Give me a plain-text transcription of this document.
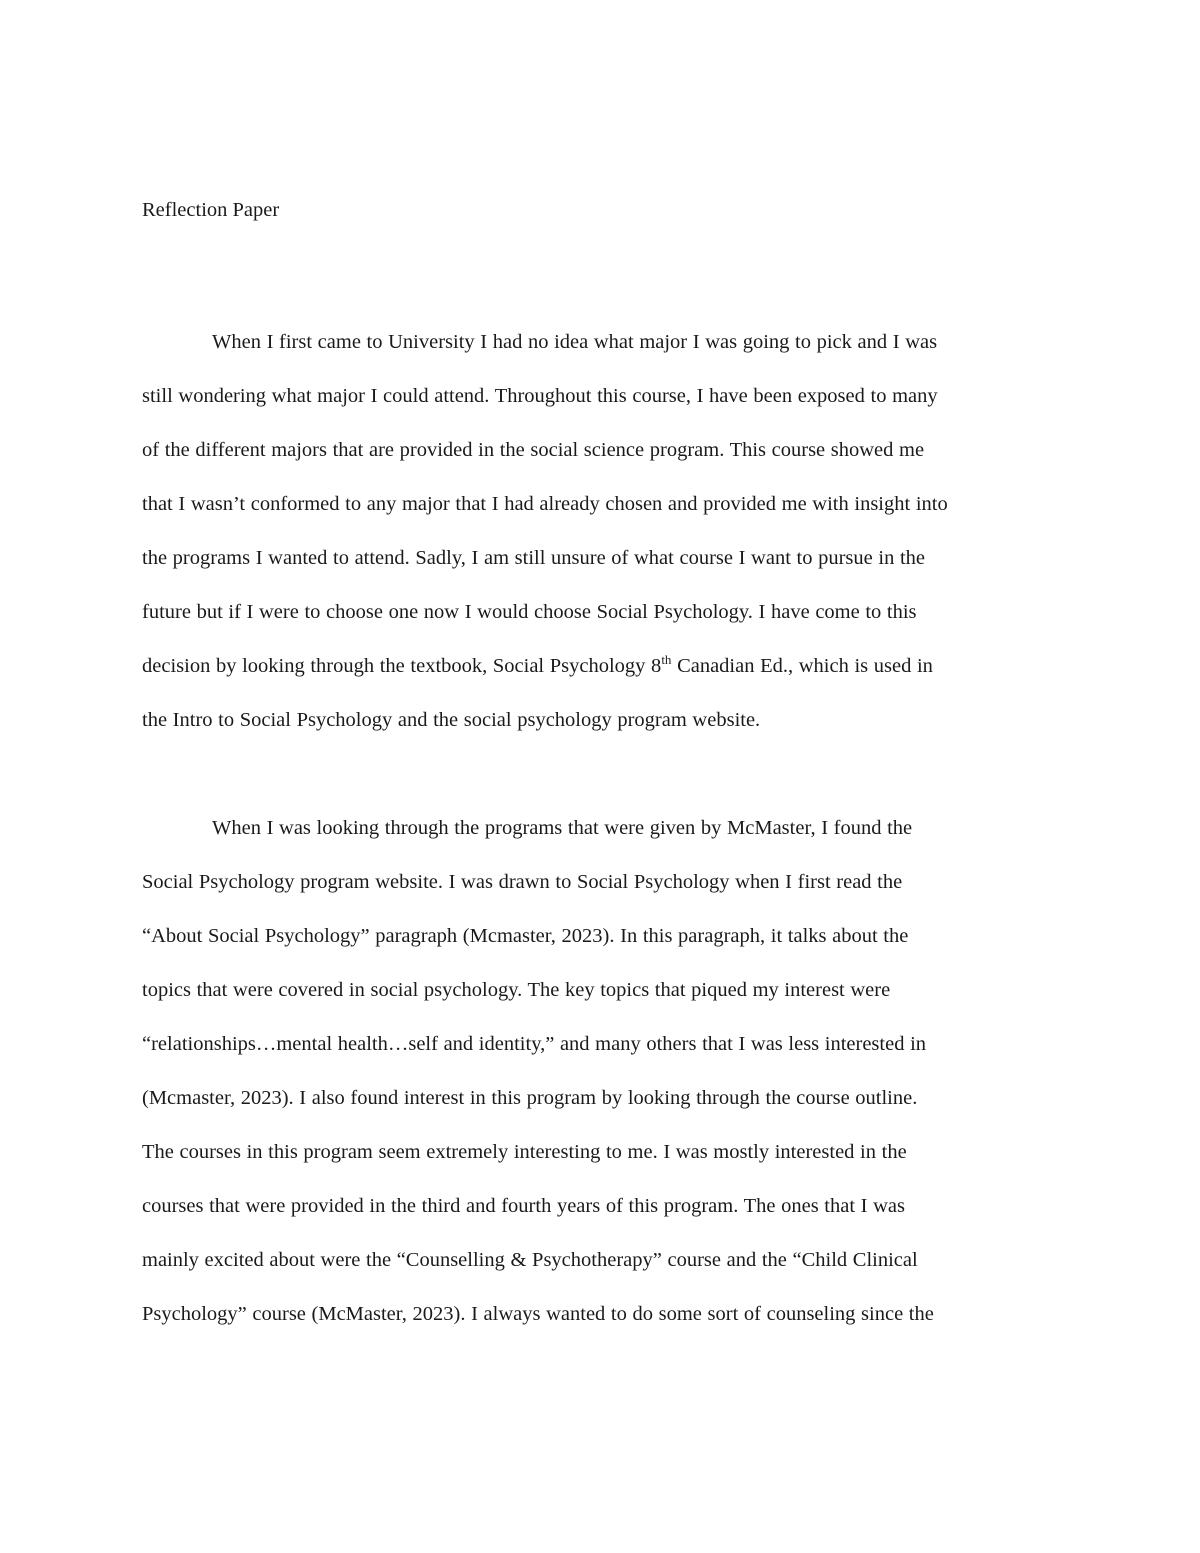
Reflection Paper
When I first came to University I had no idea what major I was going to pick and I was
still wondering what major I could attend. Throughout this course, I have been exposed to many
of the different majors that are provided in the social science program. This course showed me
that I wasn’t conformed to any major that I had already chosen and provided me with insight into
the programs I wanted to attend. Sadly, I am still unsure of what course I want to pursue in the
future but if I were to choose one now I would choose Social Psychology. I have come to this
decision by looking through the textbook, Social Psychology 8th Canadian Ed., which is used in
the Intro to Social Psychology and the social psychology program website.
When I was looking through the programs that were given by McMaster, I found the
Social Psychology program website. I was drawn to Social Psychology when I first read the
“About Social Psychology” paragraph (Mcmaster, 2023). In this paragraph, it talks about the
topics that were covered in social psychology. The key topics that piqued my interest were
“relationships…mental health…self and identity,” and many others that I was less interested in
(Mcmaster, 2023). I also found interest in this program by looking through the course outline.
The courses in this program seem extremely interesting to me. I was mostly interested in the
courses that were provided in the third and fourth years of this program. The ones that I was
mainly excited about were the “Counselling & Psychotherapy” course and the “Child Clinical
Psychology” course (McMaster, 2023). I always wanted to do some sort of counseling since the
